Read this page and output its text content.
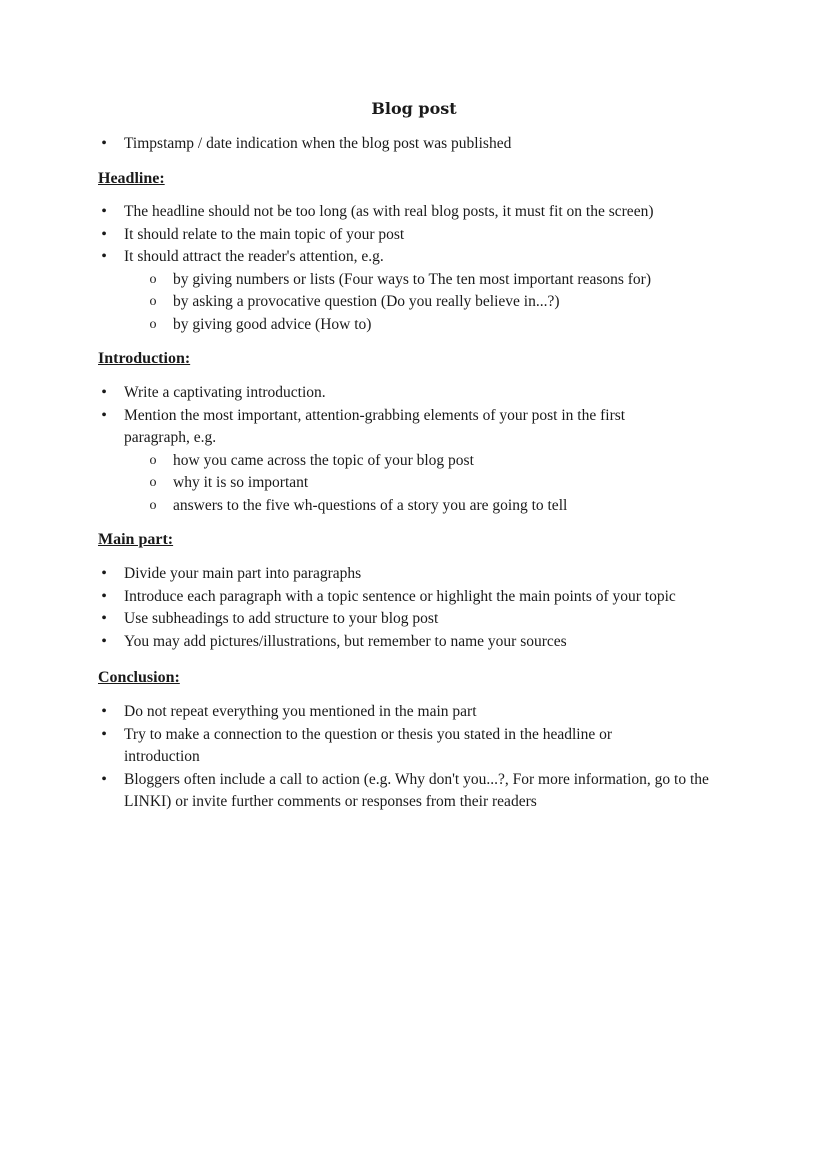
Blog post
• Timpstamp / date indication when the blog post was published
Headline:
• The headline should not be too long (as with real blog posts, it must fit on the screen)
• It should relate to the main topic of your post
• It should attract the reader's attention, e.g.
o by giving numbers or lists (Four ways to The ten most important reasons for)
o by asking a provocative question (Do you really believe in...?)
o by giving good advice (How to)
Introduction:
• Write a captivating introduction.
• Mention the most important, attention-grabbing elements of your post in the first paragraph, e.g.
o how you came across the topic of your blog post
o why it is so important
o answers to the five wh-questions of a story you are going to tell
Main part:
• Divide your main part into paragraphs
• Introduce each paragraph with a topic sentence or highlight the main points of your topic
• Use subheadings to add structure to your blog post
• You may add pictures/illustrations, but remember to name your sources
Conclusion:
• Do not repeat everything you mentioned in the main part
• Try to make a connection to the question or thesis you stated in the headline or introduction
• Bloggers often include a call to action (e.g. Why don't you...?, For more information, go to the LINKI) or invite further comments or responses from their readers
